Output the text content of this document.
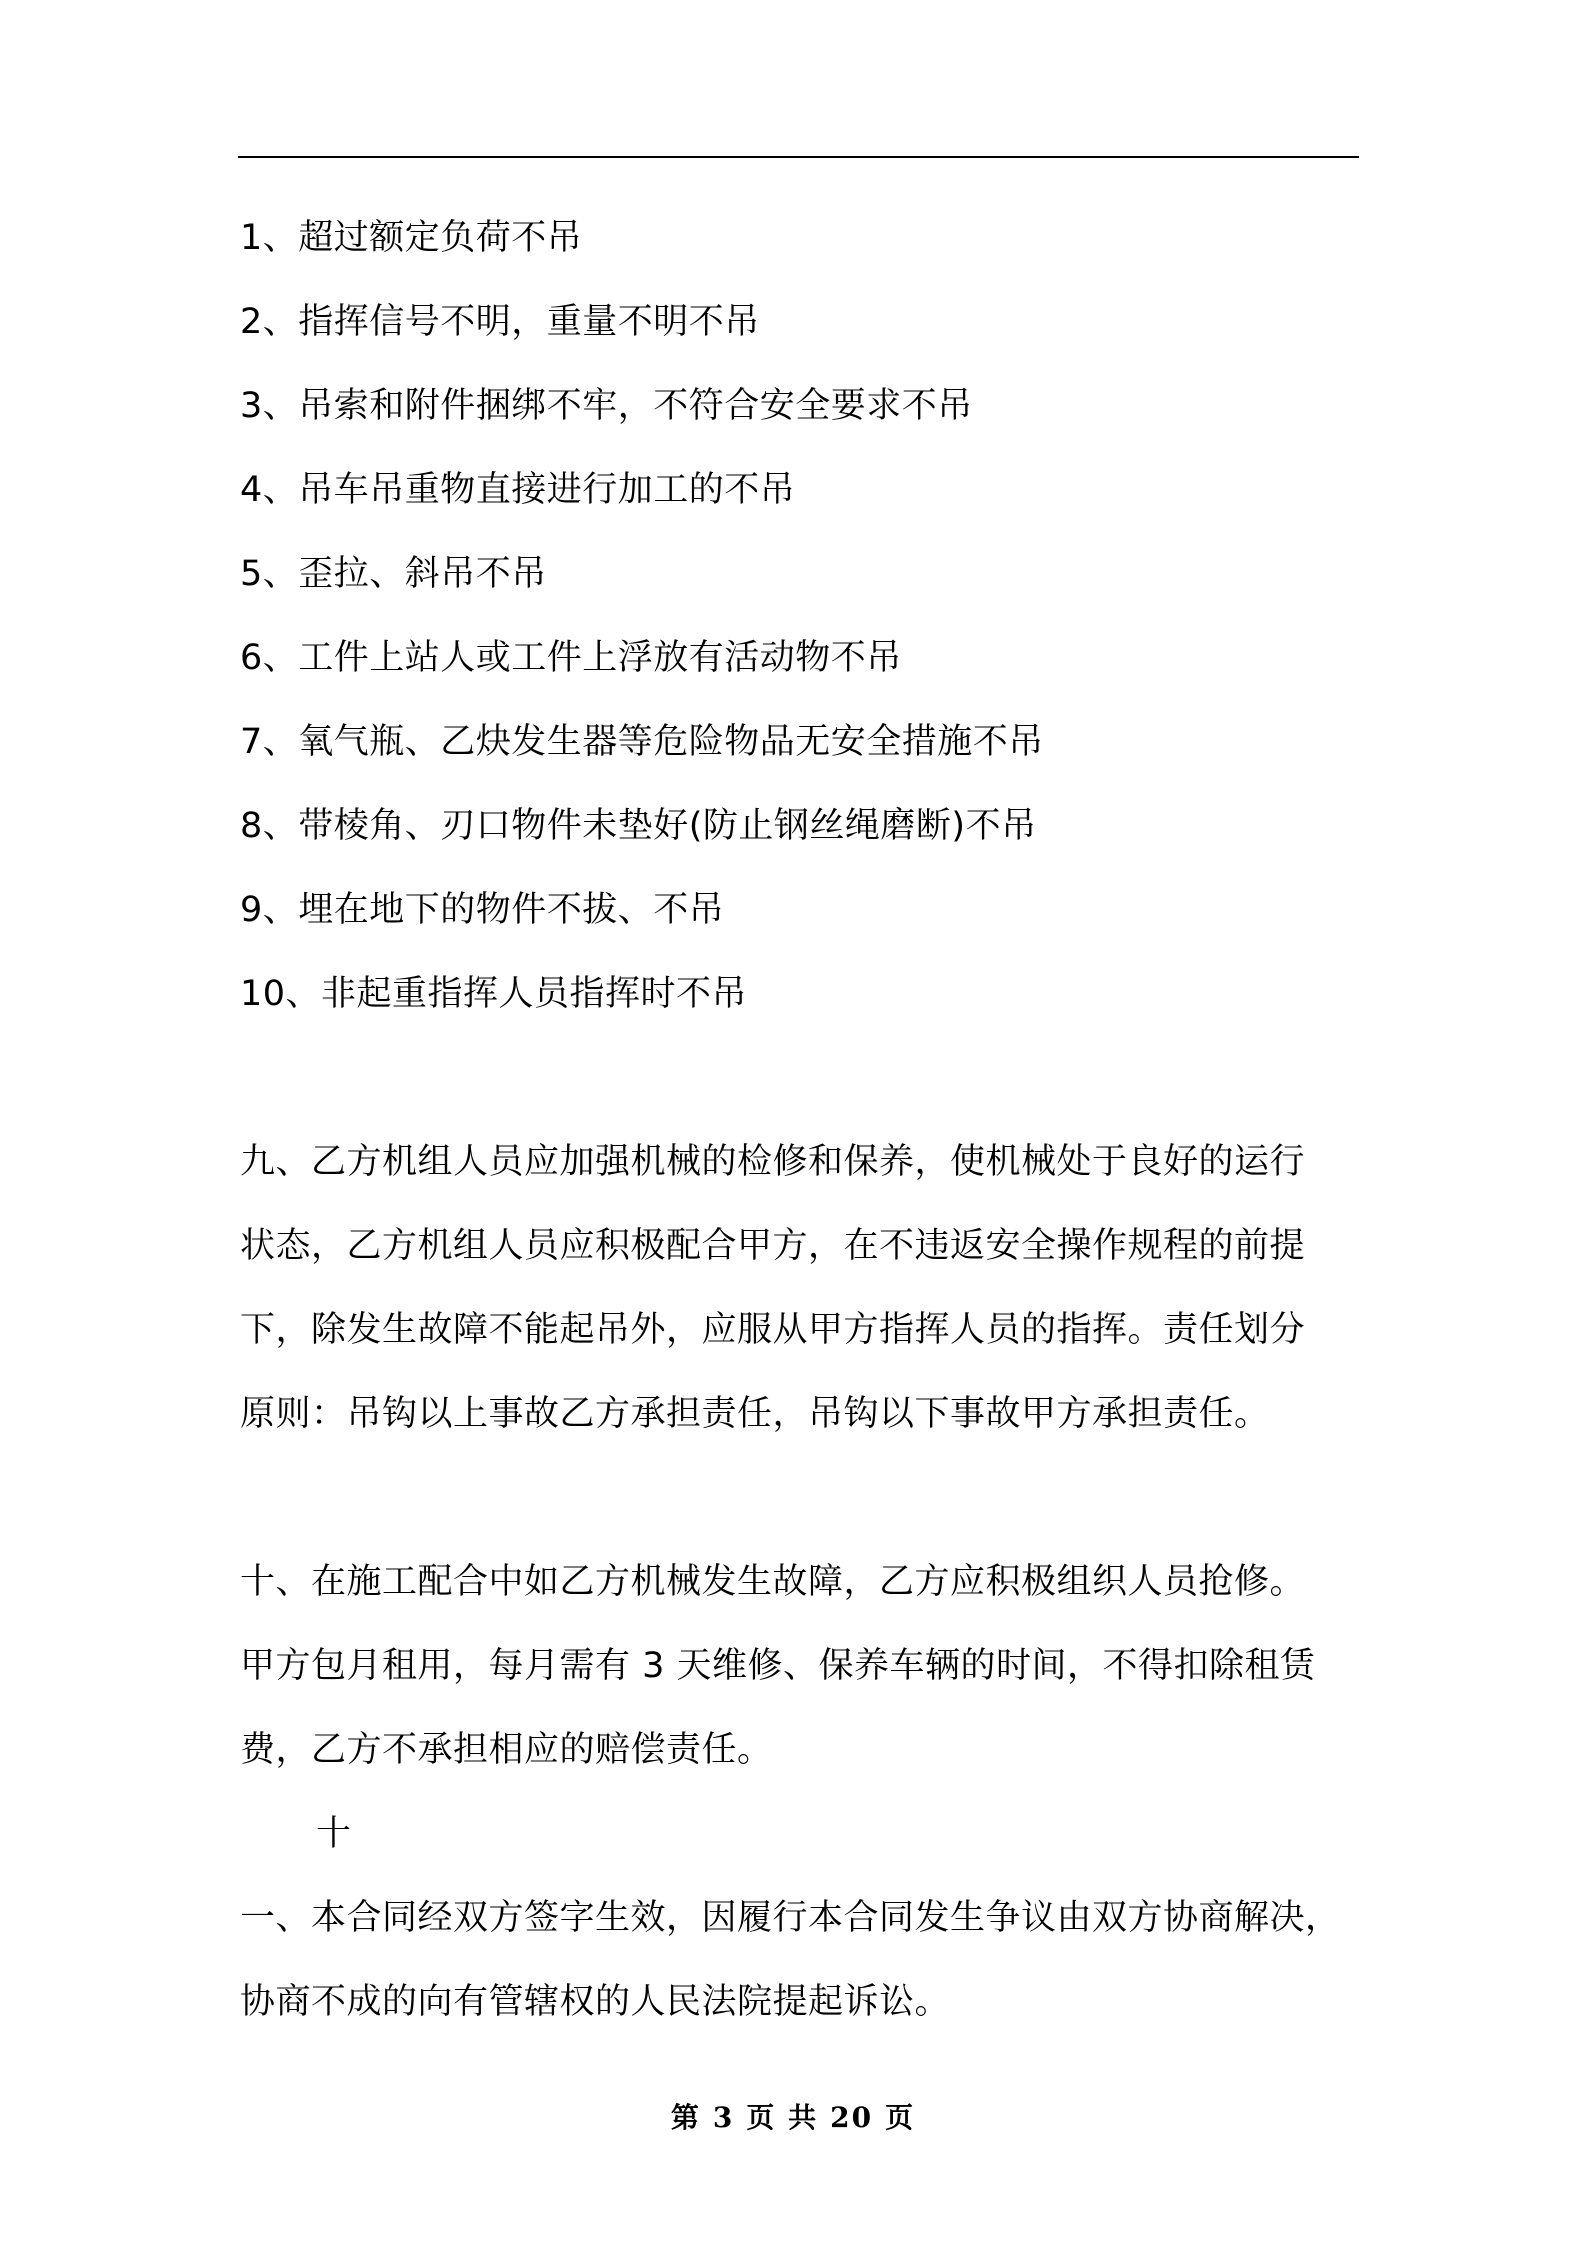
1、超过额定负荷不吊
2、指挥信号不明，重量不明不吊
3、吊索和附件捆绑不牢，不符合安全要求不吊
4、吊车吊重物直接进行加工的不吊
5、歪拉、斜吊不吊
6、工件上站人或工件上浮放有活动物不吊
7、氧气瓶、乙炔发生器等危险物品无安全措施不吊
8、带棱角、刃口物件未垫好(防止钢丝绳磨断)不吊
9、埋在地下的物件不拔、不吊
10、非起重指挥人员指挥时不吊
九、乙方机组人员应加强机械的检修和保养，使机械处于良好的运行
状态，乙方机组人员应积极配合甲方，在不违返安全操作规程的前提
下，除发生故障不能起吊外，应服从甲方指挥人员的指挥。责任划分
原则：吊钩以上事故乙方承担责任，吊钩以下事故甲方承担责任。
十、在施工配合中如乙方机械发生故障，乙方应积极组织人员抢修。
甲方包月租用，每月需有 3 天维修、保养车辆的时间，不得扣除租赁
费，乙方不承担相应的赔偿责任。
十
一、本合同经双方签字生效，因履行本合同发生争议由双方协商解决，
协商不成的向有管辖权的人民法院提起诉讼。
第 3 页 共 20 页
